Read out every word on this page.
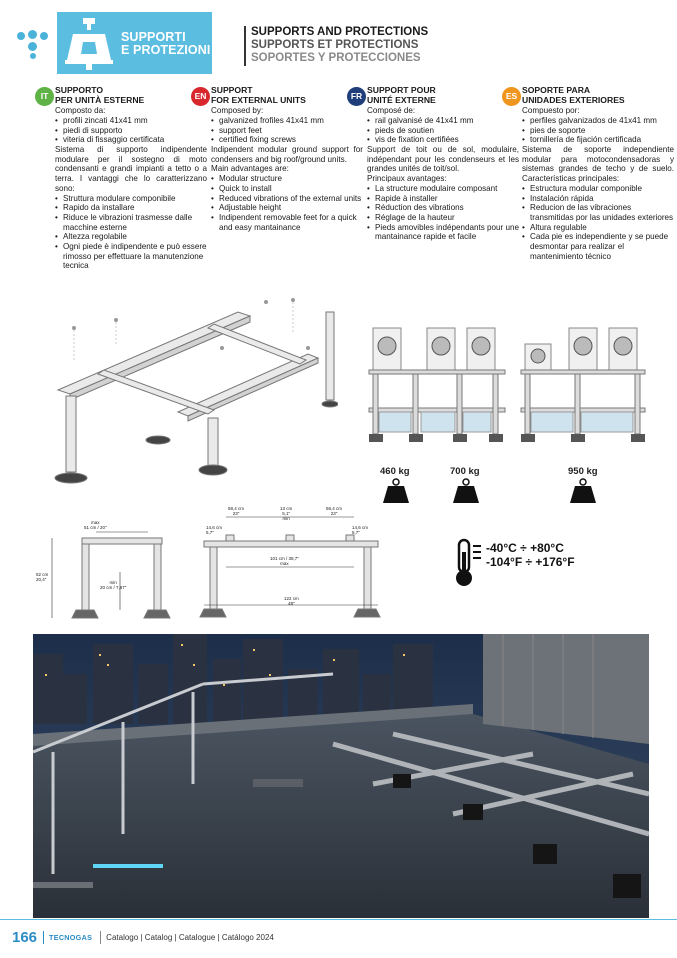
SUPPORTI
E PROTEZIONI
SUPPORTS AND PROTECTIONS
SUPPORTS ET PROTECTIONS
SOPORTES Y PROTECCIONES
IT
SUPPORTO
PER UNITÀ ESTERNE
Composto da:
• profili zincati 41x41 mm
• piedi di supporto
• viteria di fissaggio certificata
Sistema di supporto indipendente modulare per il sostegno di moto condensanti e grandi impianti a tetto o a terra. I vantaggi che lo caratterizzano sono:
• Struttura modulare componibile
• Rapido da installare
• Riduce le vibrazioni trasmesse dalle macchine esterne
• Altezza regolabile
• Ogni piede è indipendente e può essere rimosso per effettuare la manutenzione tecnica
EN
SUPPORT
FOR EXTERNAL UNITS
Composed by:
• galvanized frofiles 41x41 mm
• support feet
• certified fixing screws
Indipendent modular ground support for condensers and big roof/ground units.
Main advantages are:
• Modular structure
• Quick to install
• Reduced vibrations of the external units
• Adjustable height
• Indipendent removable feet for a quick and easy mantainance
FR
SUPPORT POUR
UNITÉ EXTERNE
Composé de:
• rail galvanisé de 41x41 mm
• pieds de soutien
• vis de fixation certifiées
Support de toit ou de sol, modulaire, indépendant pour les condenseurs et les grandes unités de toit/sol.
Principaux avantages:
• La structure modulaire composant
• Rapide à installer
• Réduction des vibrations
• Réglage de la hauteur
• Pieds amovibles indépendants pour une mantainance rapide et facile
ES
SOPORTE PARA
UNIDADES EXTERIORES
Compuesto por:
• perfiles galvanizados de 41x41 mm
• pies de soporte
• tornillería de fijación certificada
Sistema de soporte independiente modular para motocondensadoras y sistemas grandes de techo y de suelo. Características principales:
• Estructura modular componible
• Instalación rápida
• Reducion de las vibraciones transmitidas por las unidades exteriores
• Altura regulable
• Cada pie es independiente y se puede desmontar para realizar el mantenimiento técnico
460 kg	700 kg	950 kg
max
51 cm / 20"
52 cm
20,4"
min
20 cm / 7,87"
58,4 cm
23"
13 cm
5,1"
min
58,4 cm
23"
14,6 cm
5,7"
14,6 cm
5,7"
101 cm / 39,7"
max
122 cm
48"
-40°C ÷ +80°C
-104°F ÷ +176°F
166 TECNOGAS Catalogo | Catalog | Catalogue | Catálogo 2024
